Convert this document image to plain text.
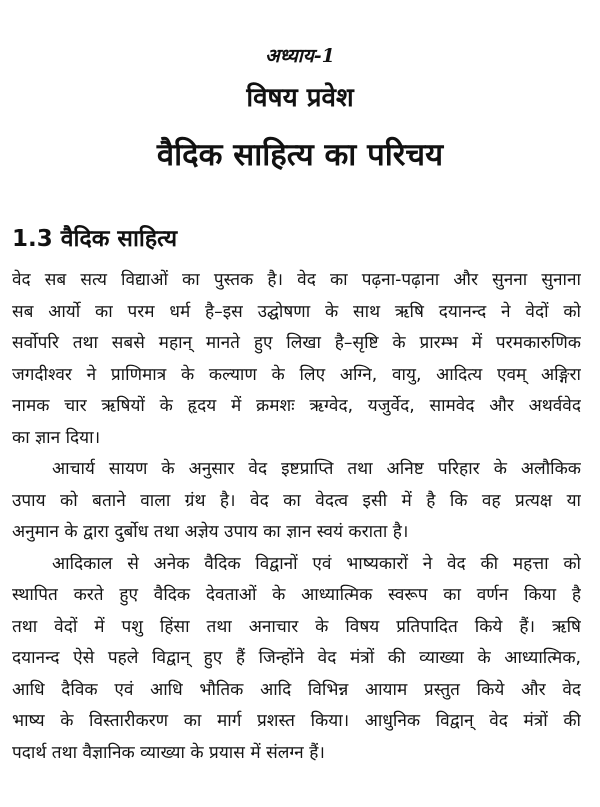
अध्याय-1
विषय प्रवेश
वैदिक साहित्य का परिचय
1.3 वैदिक साहित्य
वेद सब सत्य विद्याओं का पुस्तक है। वेद का पढ़ना-पढ़ाना और सुनना सुनाना
सब आर्यो का परम धर्म है–इस उद्घोषणा के साथ ऋषि दयानन्द ने वेदों को
सर्वोपरि तथा सबसे महान् मानते हुए लिखा है–सृष्टि के प्रारम्भ में परमकारुणिक
जगदीश्वर ने प्राणिमात्र के कल्याण के लिए अग्नि, वायु, आदित्य एवम् अङ्गिरा
नामक चार ऋषियों के हृदय में क्रमशः ऋग्वेद, यजुर्वेद, सामवेद और अथर्ववेद
का ज्ञान दिया।
आचार्य सायण के अनुसार वेद इष्टप्राप्ति तथा अनिष्ट परिहार के अलौकिक
उपाय को बताने वाला ग्रंथ है। वेद का वेदत्व इसी में है कि वह प्रत्यक्ष या
अनुमान के द्वारा दुर्बोध तथा अज्ञेय उपाय का ज्ञान स्वयं कराता है।
आदिकाल से अनेक वैदिक विद्वानों एवं भाष्यकारों ने वेद की महत्ता को
स्थापित करते हुए वैदिक देवताओं के आध्यात्मिक स्वरूप का वर्णन किया है
तथा वेदों में पशु हिंसा तथा अनाचार के विषय प्रतिपादित किये हैं। ऋषि
दयानन्द ऐसे पहले विद्वान् हुए हैं जिन्होंने वेद मंत्रों की व्याख्या के आध्यात्मिक,
आधि दैविक एवं आधि भौतिक आदि विभिन्न आयाम प्रस्तुत किये और वेद
भाष्य के विस्तारीकरण का मार्ग प्रशस्त किया। आधुनिक विद्वान् वेद मंत्रों की
पदार्थ तथा वैज्ञानिक व्याख्या के प्रयास में संलग्न हैं।
